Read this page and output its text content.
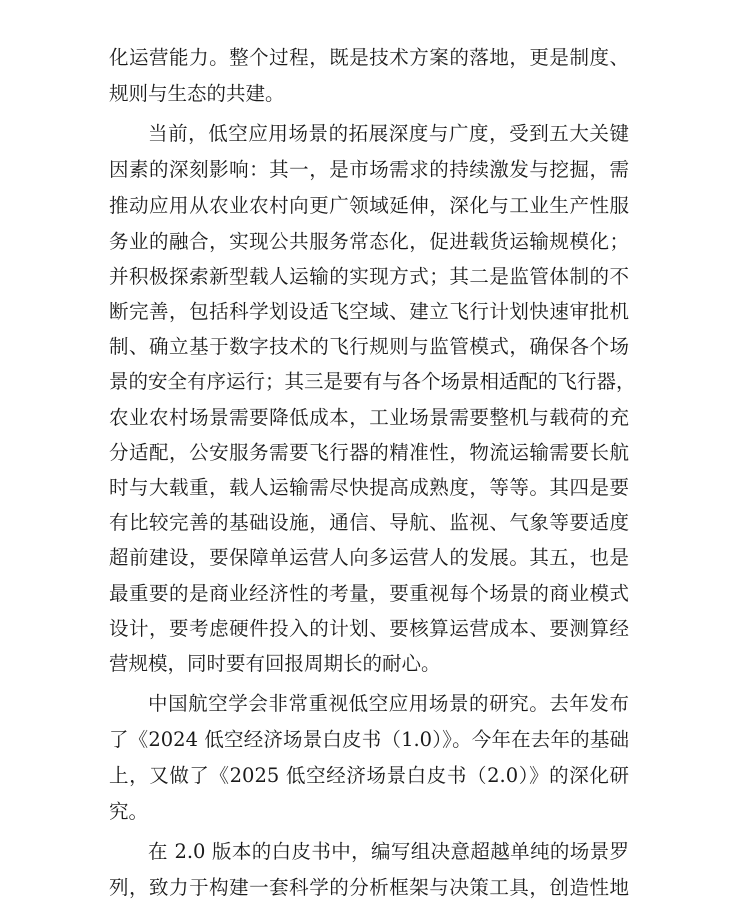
化运营能力。整个过程，既是技术方案的落地，更是制度、
规则与生态的共建。
当前，低空应用场景的拓展深度与广度，受到五大关键
因素的深刻影响：其一，是市场需求的持续激发与挖掘，需
推动应用从农业农村向更广领域延伸，深化与工业生产性服
务业的融合，实现公共服务常态化，促进载货运输规模化；
并积极探索新型载人运输的实现方式；其二是监管体制的不
断完善，包括科学划设适飞空域、建立飞行计划快速审批机
制、确立基于数字技术的飞行规则与监管模式，确保各个场
景的安全有序运行；其三是要有与各个场景相适配的飞行器，
农业农村场景需要降低成本，工业场景需要整机与载荷的充
分适配，公安服务需要飞行器的精准性，物流运输需要长航
时与大载重，载人运输需尽快提高成熟度，等等。其四是要
有比较完善的基础设施，通信、导航、监视、气象等要适度
超前建设，要保障单运营人向多运营人的发展。其五，也是
最重要的是商业经济性的考量，要重视每个场景的商业模式
设计，要考虑硬件投入的计划、要核算运营成本、要测算经
营规模，同时要有回报周期长的耐心。
中国航空学会非常重视低空应用场景的研究。去年发布
了《2024 低空经济场景白皮书（1.0）》。今年在去年的基础
上，又做了《2025 低空经济场景白皮书（2.0）》的深化研
究。
在 2.0 版本的白皮书中，编写组决意超越单纯的场景罗
列，致力于构建一套科学的分析框架与决策工具，创造性地
